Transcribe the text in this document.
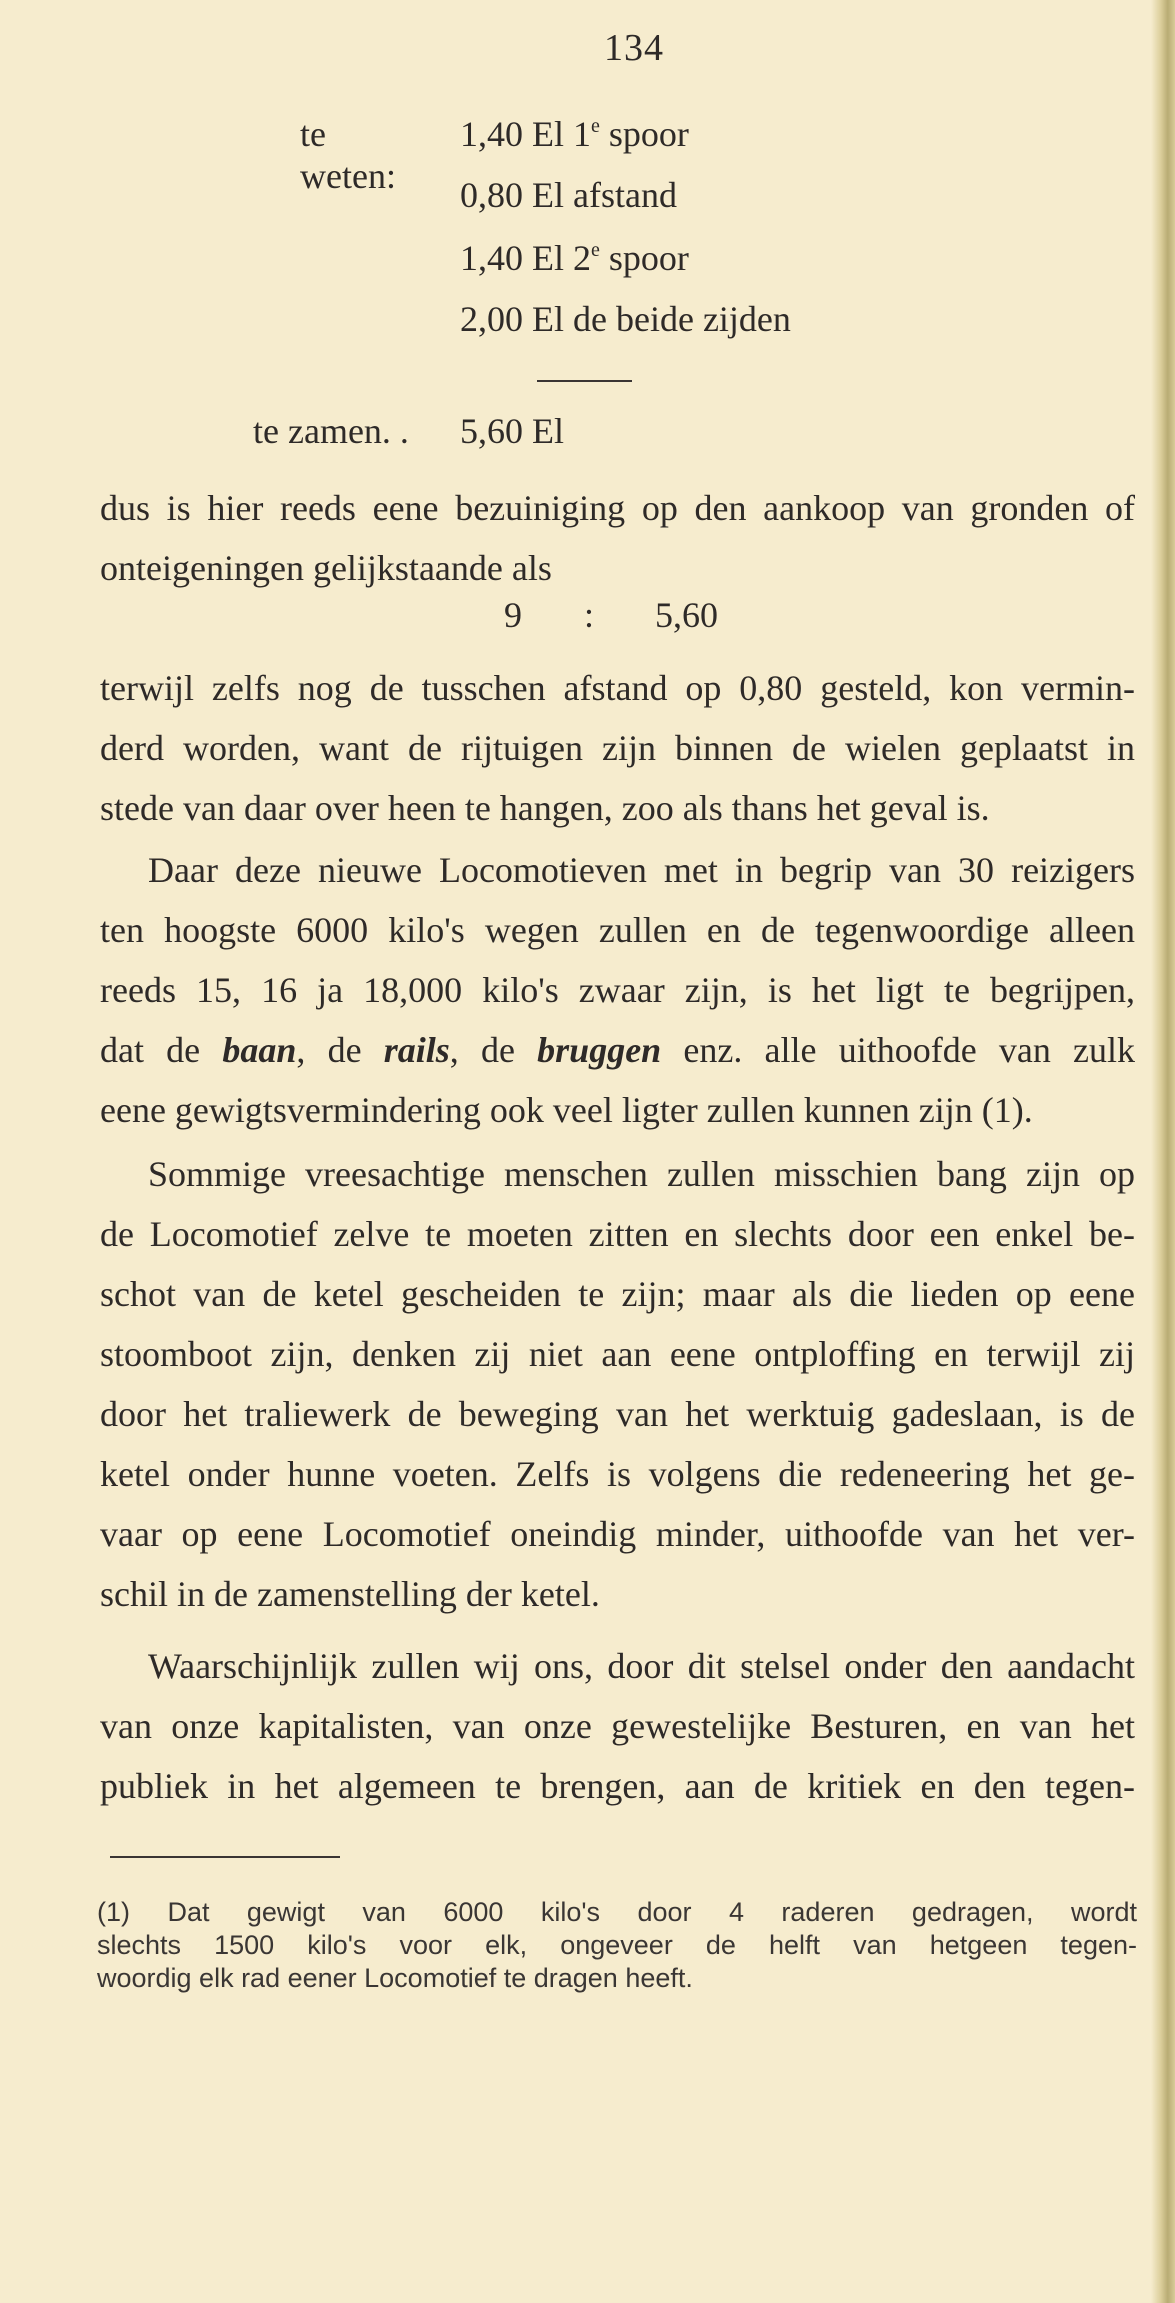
134
te weten:
1,40 El 1e spoor
0,80 El afstand
1,40 El 2e spoor
2,00 El de beide zijden
te zamen. . 5,60 El
dus is hier reeds eene bezuiniging op den aankoop van gronden of
onteigeningen gelijkstaande als
9 : 5,60
terwijl zelfs nog de tusschen afstand op 0,80 gesteld, kon vermin-
derd worden, want de rijtuigen zijn binnen de wielen geplaatst in
stede van daar over heen te hangen, zoo als thans het geval is.
Daar deze nieuwe Locomotieven met in begrip van 30 reizigers
ten hoogste 6000 kilo's wegen zullen en de tegenwoordige alleen
reeds 15, 16 ja 18,000 kilo's zwaar zijn, is het ligt te begrijpen,
dat de baan, de rails, de bruggen enz. alle uithoofde van zulk
eene gewigtsvermindering ook veel ligter zullen kunnen zijn (1).
Sommige vreesachtige menschen zullen misschien bang zijn op
de Locomotief zelve te moeten zitten en slechts door een enkel be-
schot van de ketel gescheiden te zijn; maar als die lieden op eene
stoomboot zijn, denken zij niet aan eene ontploffing en terwijl zij
door het traliewerk de beweging van het werktuig gadeslaan, is de
ketel onder hunne voeten. Zelfs is volgens die redeneering het ge-
vaar op eene Locomotief oneindig minder, uithoofde van het ver-
schil in de zamenstelling der ketel.
Waarschijnlijk zullen wij ons, door dit stelsel onder den aandacht
van onze kapitalisten, van onze gewestelijke Besturen, en van het
publiek in het algemeen te brengen, aan de kritiek en den tegen-
(1) Dat gewigt van 6000 kilo's door 4 raderen gedragen, wordt
slechts 1500 kilo's voor elk, ongeveer de helft van hetgeen tegen-
woordig elk rad eener Locomotief te dragen heeft.
